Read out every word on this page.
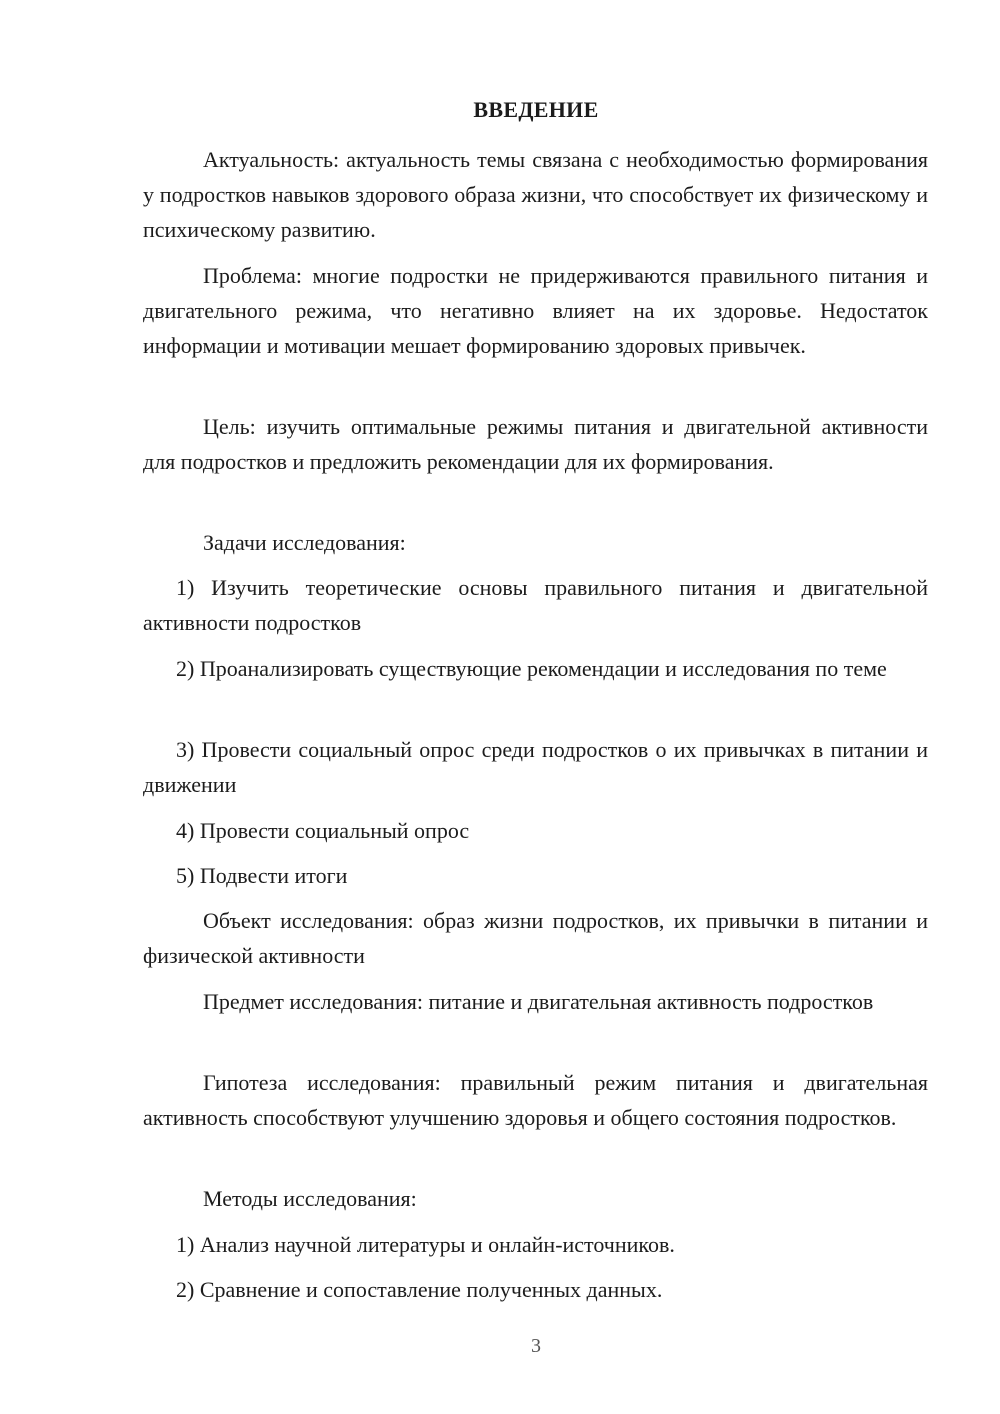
ВВЕДЕНИЕ

Актуальность: актуальность темы связана с необходимостью формирования у подростков навыков здорового образа жизни, что способствует их физическому и психическому развитию.

Проблема: многие подростки не придерживаются правильного питания и двигательного режима, что негативно влияет на их здоровье. Недостаток информации и мотивации мешает формированию здоровых привычек.

Цель: изучить оптимальные режимы питания и двигательной активности для подростков и предложить рекомендации для их формирования.

Задачи исследования:

1) Изучить теоретические основы правильного питания и двигательной активности подростков

2) Проанализировать существующие рекомендации и исследования по теме

3) Провести социальный опрос среди подростков о их привычках в питании и движении

4) Провести социальный опрос

5) Подвести итоги

Объект исследования: образ жизни подростков, их привычки в питании и физической активности

Предмет исследования: питание и двигательная активность подростков

Гипотеза исследования: правильный режим питания и двигательная активность способствуют улучшению здоровья и общего состояния подростков.

Методы исследования:

1) Анализ научной литературы и онлайн-источников.

2) Сравнение и сопоставление полученных данных.

3
